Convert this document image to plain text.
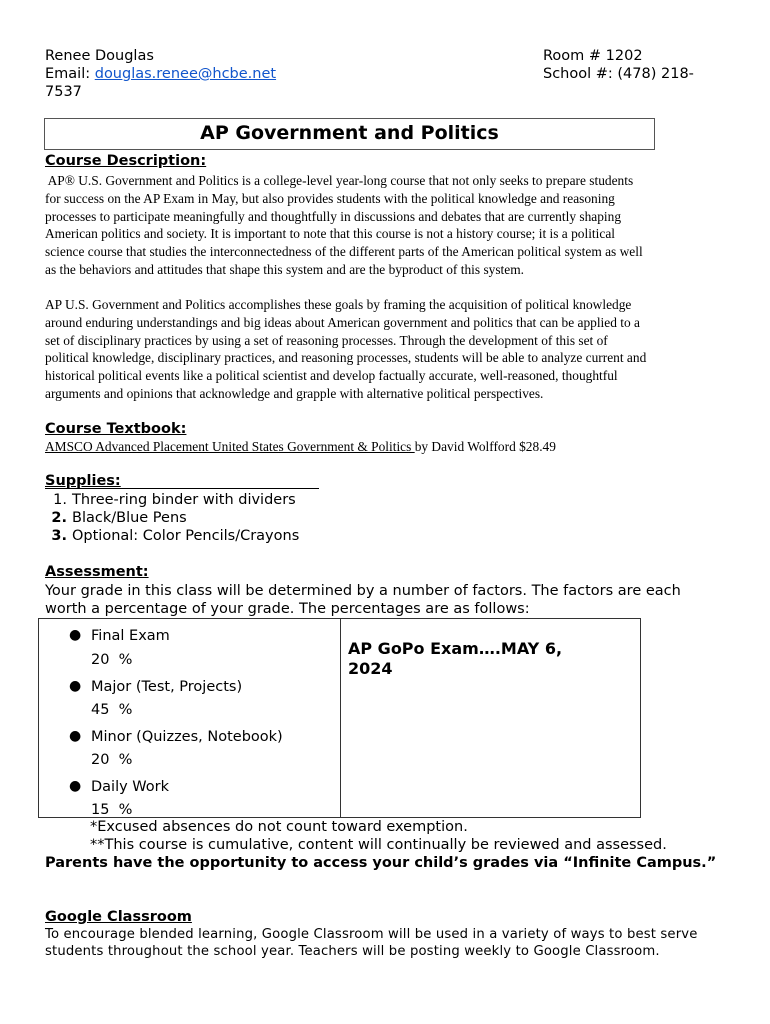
Renee Douglas
Email: douglas.renee@hcbe.net
7537
Room # 1202
School #: (478) 218-
AP Government and Politics
Course Description:
AP® U.S. Government and Politics is a college-level year-long course that not only seeks to prepare students
for success on the AP Exam in May, but also provides students with the political knowledge and reasoning
processes to participate meaningfully and thoughtfully in discussions and debates that are currently shaping
American politics and society. It is important to note that this course is not a history course; it is a political
science course that studies the interconnectedness of the different parts of the American political system as well
as the behaviors and attitudes that shape this system and are the byproduct of this system.
AP U.S. Government and Politics accomplishes these goals by framing the acquisition of political knowledge
around enduring understandings and big ideas about American government and politics that can be applied to a
set of disciplinary practices by using a set of reasoning processes. Through the development of this set of
political knowledge, disciplinary practices, and reasoning processes, students will be able to analyze current and
historical political events like a political scientist and develop factually accurate, well-reasoned, thoughtful
arguments and opinions that acknowledge and grapple with alternative political perspectives.
Course Textbook:
AMSCO Advanced Placement United States Government & Politics by David Wolfford $28.49
Supplies:
1. Three-ring binder with dividers
2. Black/Blue Pens
3. Optional: Color Pencils/Crayons
Assessment:
Your grade in this class will be determined by a number of factors. The factors are each
worth a percentage of your grade. The percentages are as follows:
● Final Exam
20  %
● Major (Test, Projects)
45  %
● Minor (Quizzes, Notebook)
20  %
● Daily Work
15  %
AP GoPo Exam….MAY 6, 2024
*Excused absences do not count toward exemption.
**This course is cumulative, content will continually be reviewed and assessed.
Parents have the opportunity to access your child’s grades via “Infinite Campus.”
Google Classroom
To encourage blended learning, Google Classroom will be used in a variety of ways to best serve
students throughout the school year. Teachers will be posting weekly to Google Classroom.
